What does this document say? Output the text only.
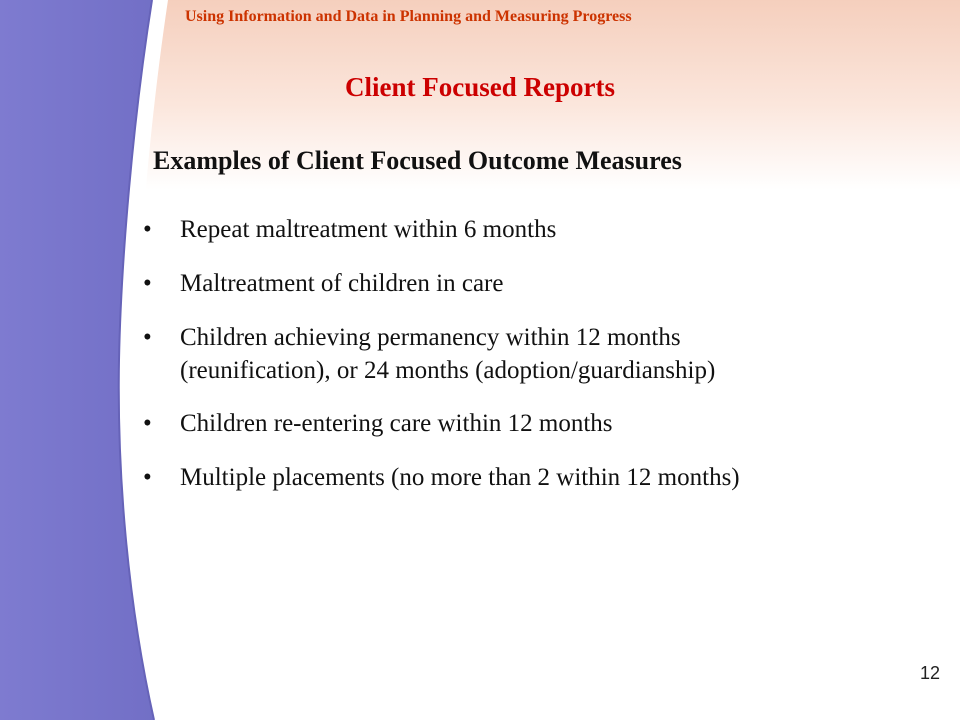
Using Information and Data in Planning and Measuring Progress
Client Focused Reports
Examples of Client Focused Outcome Measures
• Repeat maltreatment within 6 months
• Maltreatment of children in care
• Children achieving permanency within 12 months
(reunification), or 24 months (adoption/guardianship)
• Children re-entering care within 12 months
• Multiple placements (no more than 2 within 12 months)
12
